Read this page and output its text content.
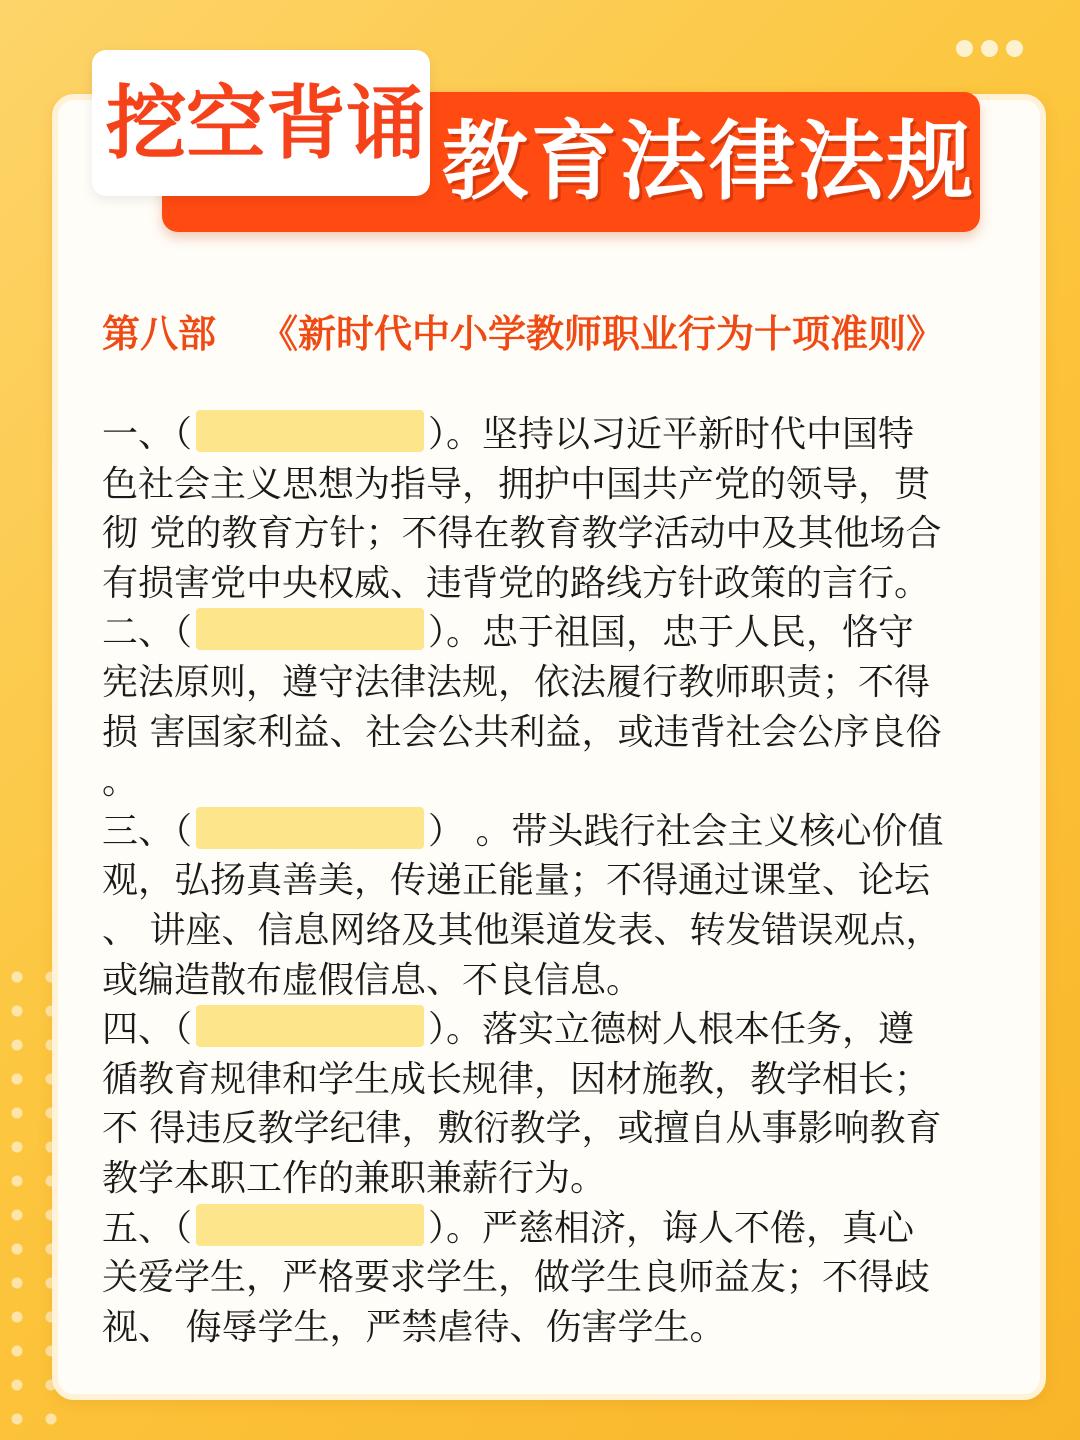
教育法律法规
挖空背诵
第八部 《新时代中小学教师职业行为十项准则》
一、（	）。坚持以习近平新时代中国特
色社会主义思想为指导，拥护中国共产党的领导，贯
彻 党的教育方针；不得在教育教学活动中及其他场合
有损害党中央权威、违背党的路线方针政策的言行。
二、（	）。忠于祖国，忠于人民，恪守
宪法原则，遵守法律法规，依法履行教师职责；不得
损 害国家利益、社会公共利益，或违背社会公序良俗
。
三、（	） 。带头践行社会主义核心价值
观，弘扬真善美，传递正能量；不得通过课堂、论坛
、 讲座、信息网络及其他渠道发表、转发错误观点，
或编造散布虚假信息、不良信息。
四、（	）。落实立德树人根本任务，遵
循教育规律和学生成长规律，因材施教，教学相长；
不 得违反教学纪律，敷衍教学，或擅自从事影响教育
教学本职工作的兼职兼薪行为。
五、（	）。严慈相济，诲人不倦，真心
关爱学生，严格要求学生，做学生良师益友；不得歧
视、 侮辱学生，严禁虐待、伤害学生。
